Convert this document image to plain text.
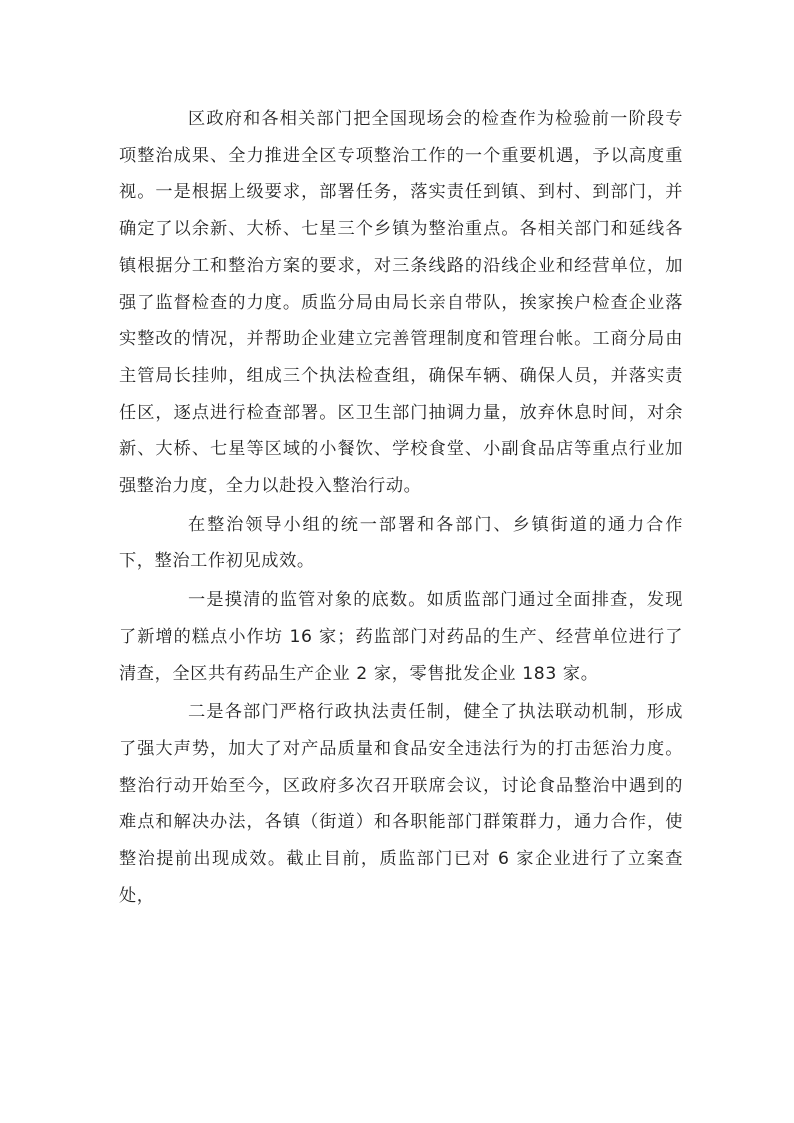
区政府和各相关部门把全国现场会的检查作为检验前一阶段专项整治成果、全力推进全区专项整治工作的一个重要机遇，予以高度重视。一是根据上级要求，部署任务，落实责任到镇、到村、到部门，并确定了以余新、大桥、七星三个乡镇为整治重点。各相关部门和延线各镇根据分工和整治方案的要求，对三条线路的沿线企业和经营单位，加强了监督检查的力度。质监分局由局长亲自带队，挨家挨户检查企业落实整改的情况，并帮助企业建立完善管理制度和管理台帐。工商分局由主管局长挂帅，组成三个执法检查组，确保车辆、确保人员，并落实责任区，逐点进行检查部署。区卫生部门抽调力量，放弃休息时间，对余新、大桥、七星等区域的小餐饮、学校食堂、小副食品店等重点行业加强整治力度，全力以赴投入整治行动。

在整治领导小组的统一部署和各部门、乡镇街道的通力合作下，整治工作初见成效。

一是摸清的监管对象的底数。如质监部门通过全面排查，发现了新增的糕点小作坊 16 家；药监部门对药品的生产、经营单位进行了清查，全区共有药品生产企业 2 家，零售批发企业 183 家。

二是各部门严格行政执法责任制，健全了执法联动机制，形成了强大声势，加大了对产品质量和食品安全违法行为的打击惩治力度。整治行动开始至今，区政府多次召开联席会议，讨论食品整治中遇到的难点和解决办法，各镇（街道）和各职能部门群策群力，通力合作，使整治提前出现成效。截止目前，质监部门已对 6 家企业进行了立案查处，
